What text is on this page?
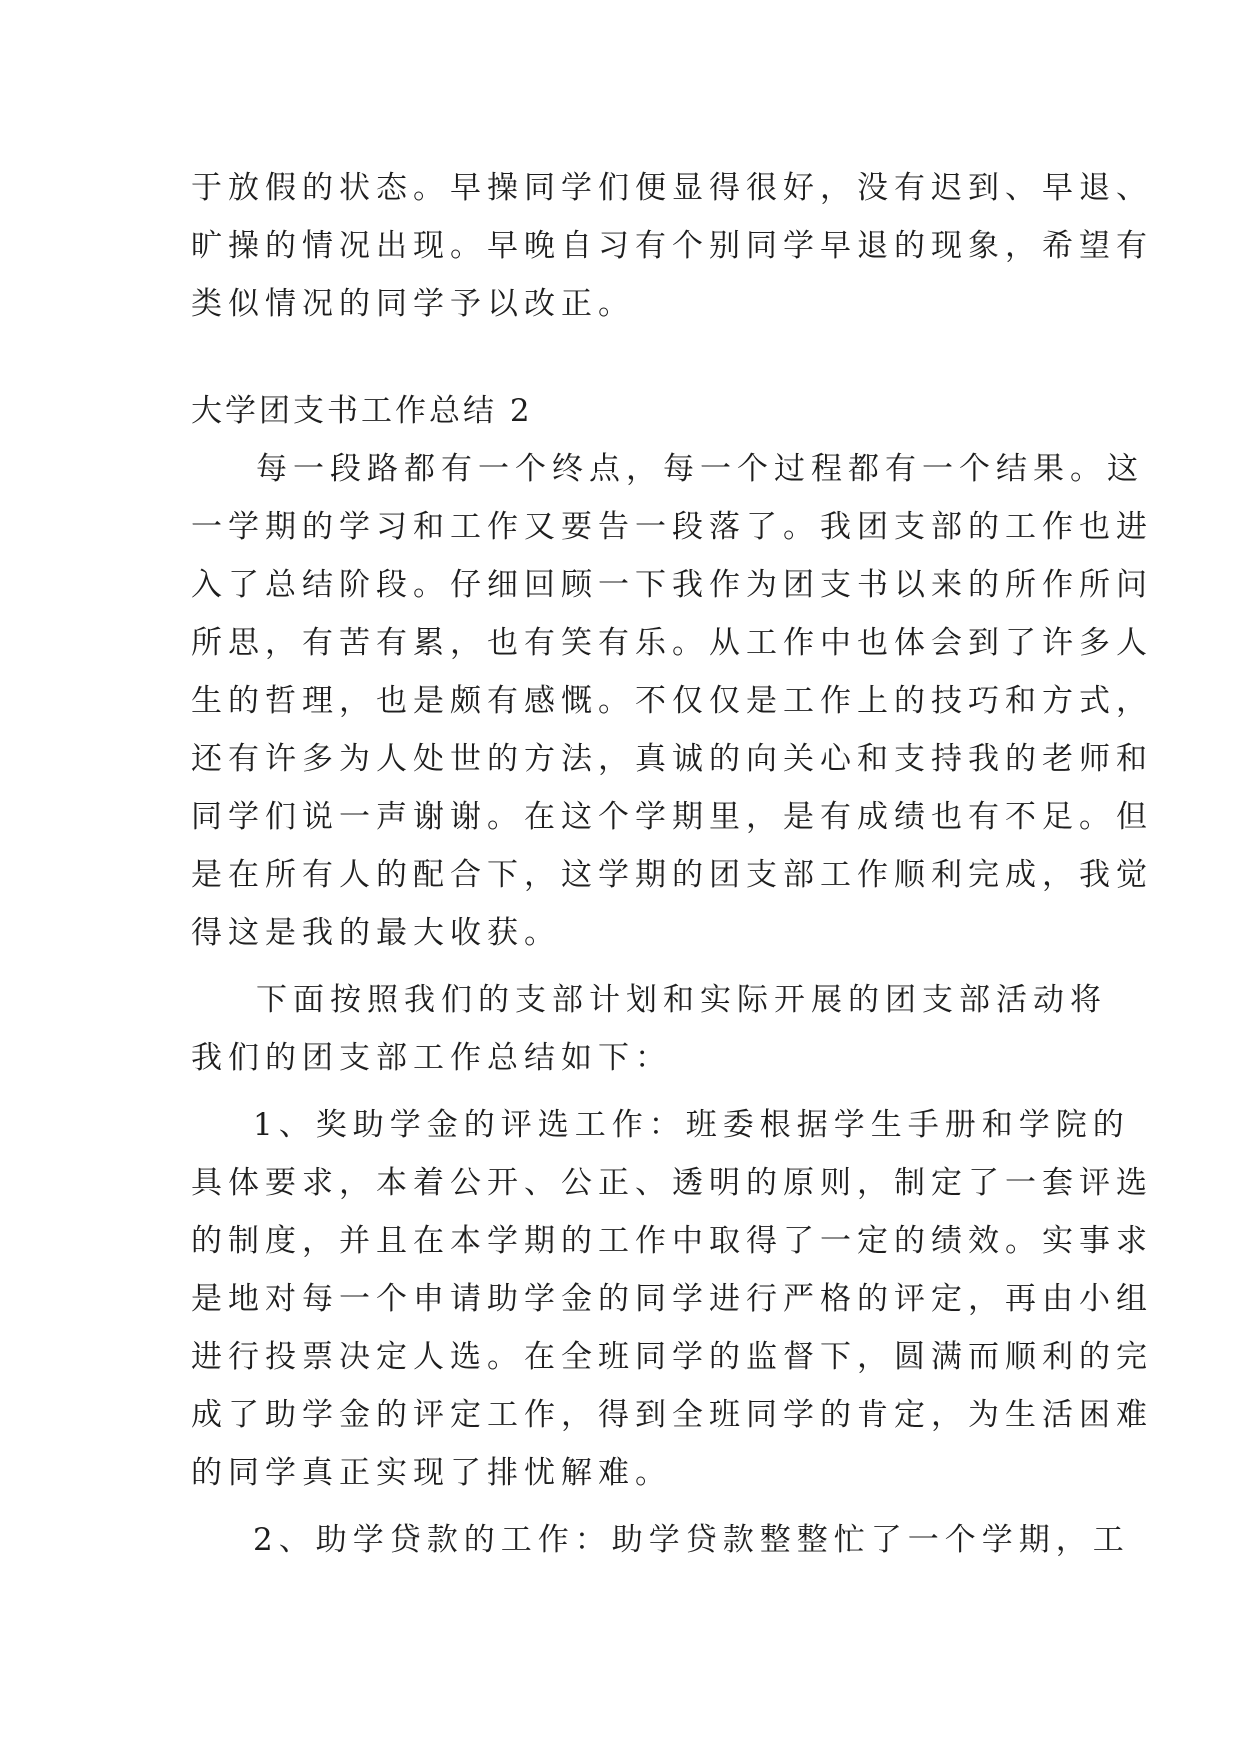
于放假的状态。早操同学们便显得很好，没有迟到、早退、
旷操的情况出现。早晚自习有个别同学早退的现象，希望有
类似情况的同学予以改正。
大学团支书工作总结 2
每一段路都有一个终点，每一个过程都有一个结果。这
一学期的学习和工作又要告一段落了。我团支部的工作也进
入了总结阶段。仔细回顾一下我作为团支书以来的所作所问
所思，有苦有累，也有笑有乐。从工作中也体会到了许多人
生的哲理，也是颇有感慨。不仅仅是工作上的技巧和方式，
还有许多为人处世的方法，真诚的向关心和支持我的老师和
同学们说一声谢谢。在这个学期里，是有成绩也有不足。但
是在所有人的配合下，这学期的团支部工作顺利完成，我觉
得这是我的最大收获。
下面按照我们的支部计划和实际开展的团支部活动将
我们的团支部工作总结如下：
1、奖助学金的评选工作：班委根据学生手册和学院的
具体要求，本着公开、公正、透明的原则，制定了一套评选
的制度，并且在本学期的工作中取得了一定的绩效。实事求
是地对每一个申请助学金的同学进行严格的评定，再由小组
进行投票决定人选。在全班同学的监督下，圆满而顺利的完
成了助学金的评定工作，得到全班同学的肯定，为生活困难
的同学真正实现了排忧解难。
2、助学贷款的工作：助学贷款整整忙了一个学期，工
